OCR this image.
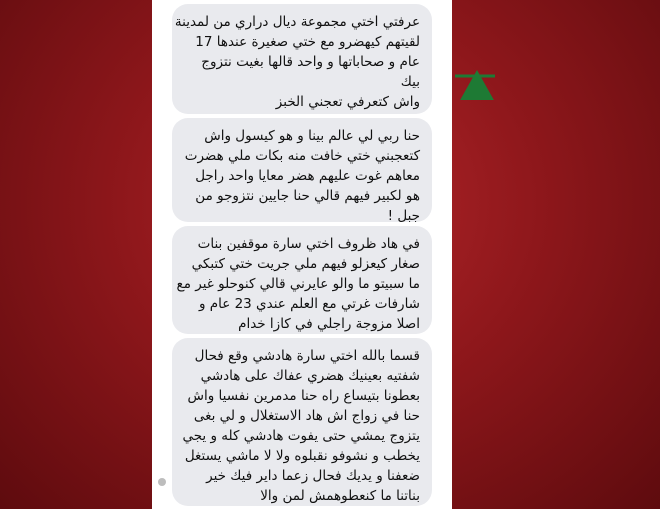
عرفتي اختي مجموعة ديال دراري من لمدينة
لقيتهم كيهضرو مع ختي صغيرة عندها 17
عام و صحاباتها و واحد قالها بغيت نتزوج
بيك
واش كتعرفي تعجني الخبز
حنا ربي لي عالم بينا و هو كيسول واش
كتعجبني ختي خافت منه بكات ملي هضرت
معاهم غوت عليهم هضر معايا واحد راجل
هو لكبير فيهم قالي حنا جايين نتزوجو من
جبل !
في هاد ظروف اختي سارة موقفين بنات
صغار كيعزلو فيهم ملي جريت ختي كتبكي
ما سبيتو ما والو عايرني قالي كنوحلو غير مع
شارفات غرتي مع العلم عندي 23 عام و
اصلا مزوجة راجلي في كازا خدام
قسما بالله اختي سارة هادشي وقع فحال
شفتيه بعينيك هضري عفاك على هادشي
بعطونا بتيساع راه حنا مدمرين نفسيا واش
حنا في زواج اش هاد الاستغلال و لي بغى
يتزوج يمشي حتى يفوت هادشي كله و يجي
يخطب و نشوفو نقبلوه ولا لا ماشي يستغل
ضعفنا و يديك فحال زعما داير فيك خير
بناتنا ما كنعطوهمش لمن والا
